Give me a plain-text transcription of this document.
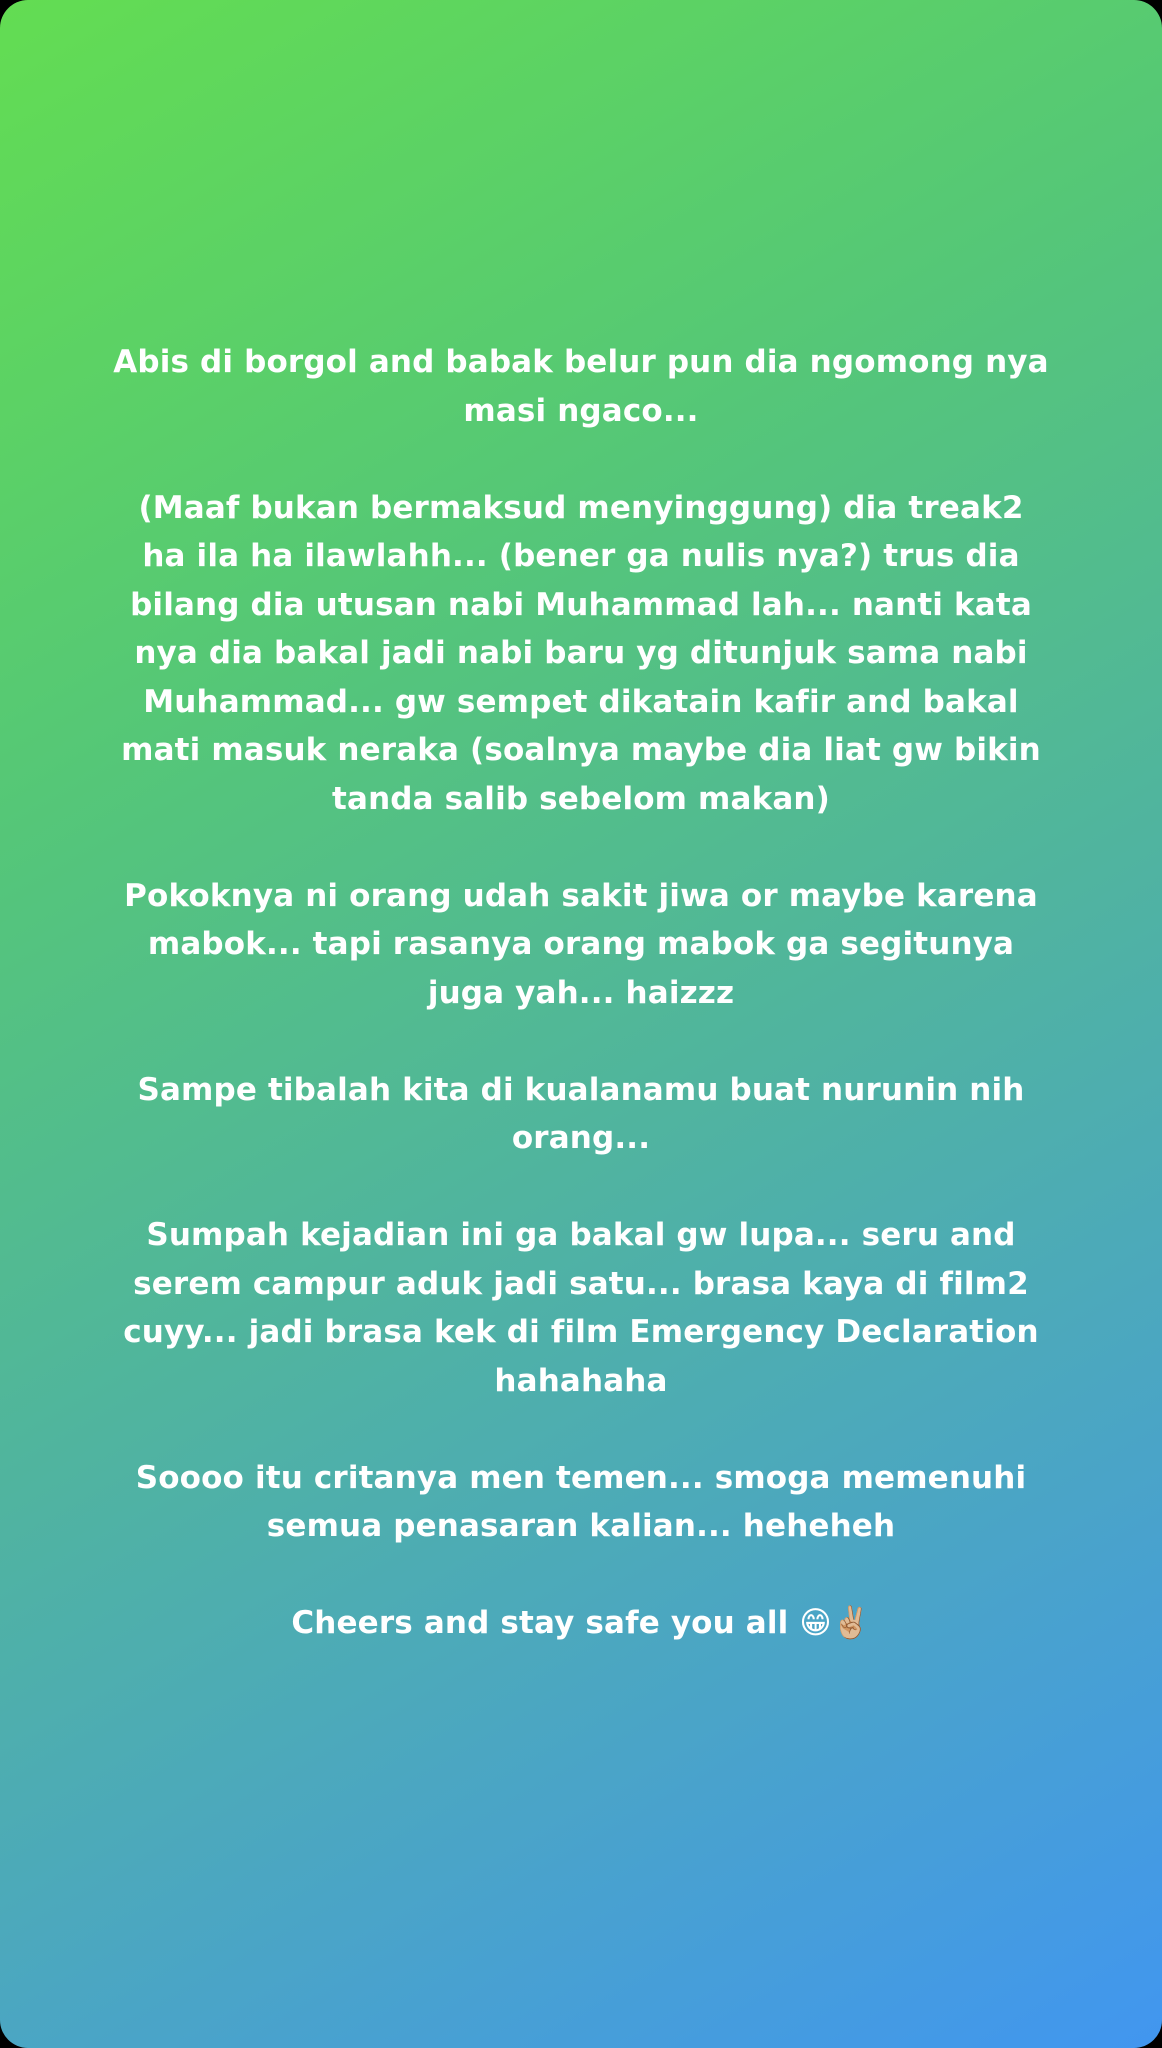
Abis di borgol and babak belur pun dia ngomong nya
masi ngaco...

(Maaf bukan bermaksud menyinggung) dia treak2
ha ila ha ilawlahh... (bener ga nulis nya?) trus dia
bilang dia utusan nabi Muhammad lah... nanti kata
nya dia bakal jadi nabi baru yg ditunjuk sama nabi
Muhammad... gw sempet dikatain kafir and bakal
mati masuk neraka (soalnya maybe dia liat gw bikin
tanda salib sebelom makan)

Pokoknya ni orang udah sakit jiwa or maybe karena
mabok... tapi rasanya orang mabok ga segitunya
juga yah... haizzz

Sampe tibalah kita di kualanamu buat nurunin nih
orang...

Sumpah kejadian ini ga bakal gw lupa... seru and
serem campur aduk jadi satu... brasa kaya di film2
cuyy... jadi brasa kek di film Emergency Declaration
hahahaha

Soooo itu critanya men temen... smoga memenuhi
semua penasaran kalian... heheheh

Cheers and stay safe you all 😁✌🏼
